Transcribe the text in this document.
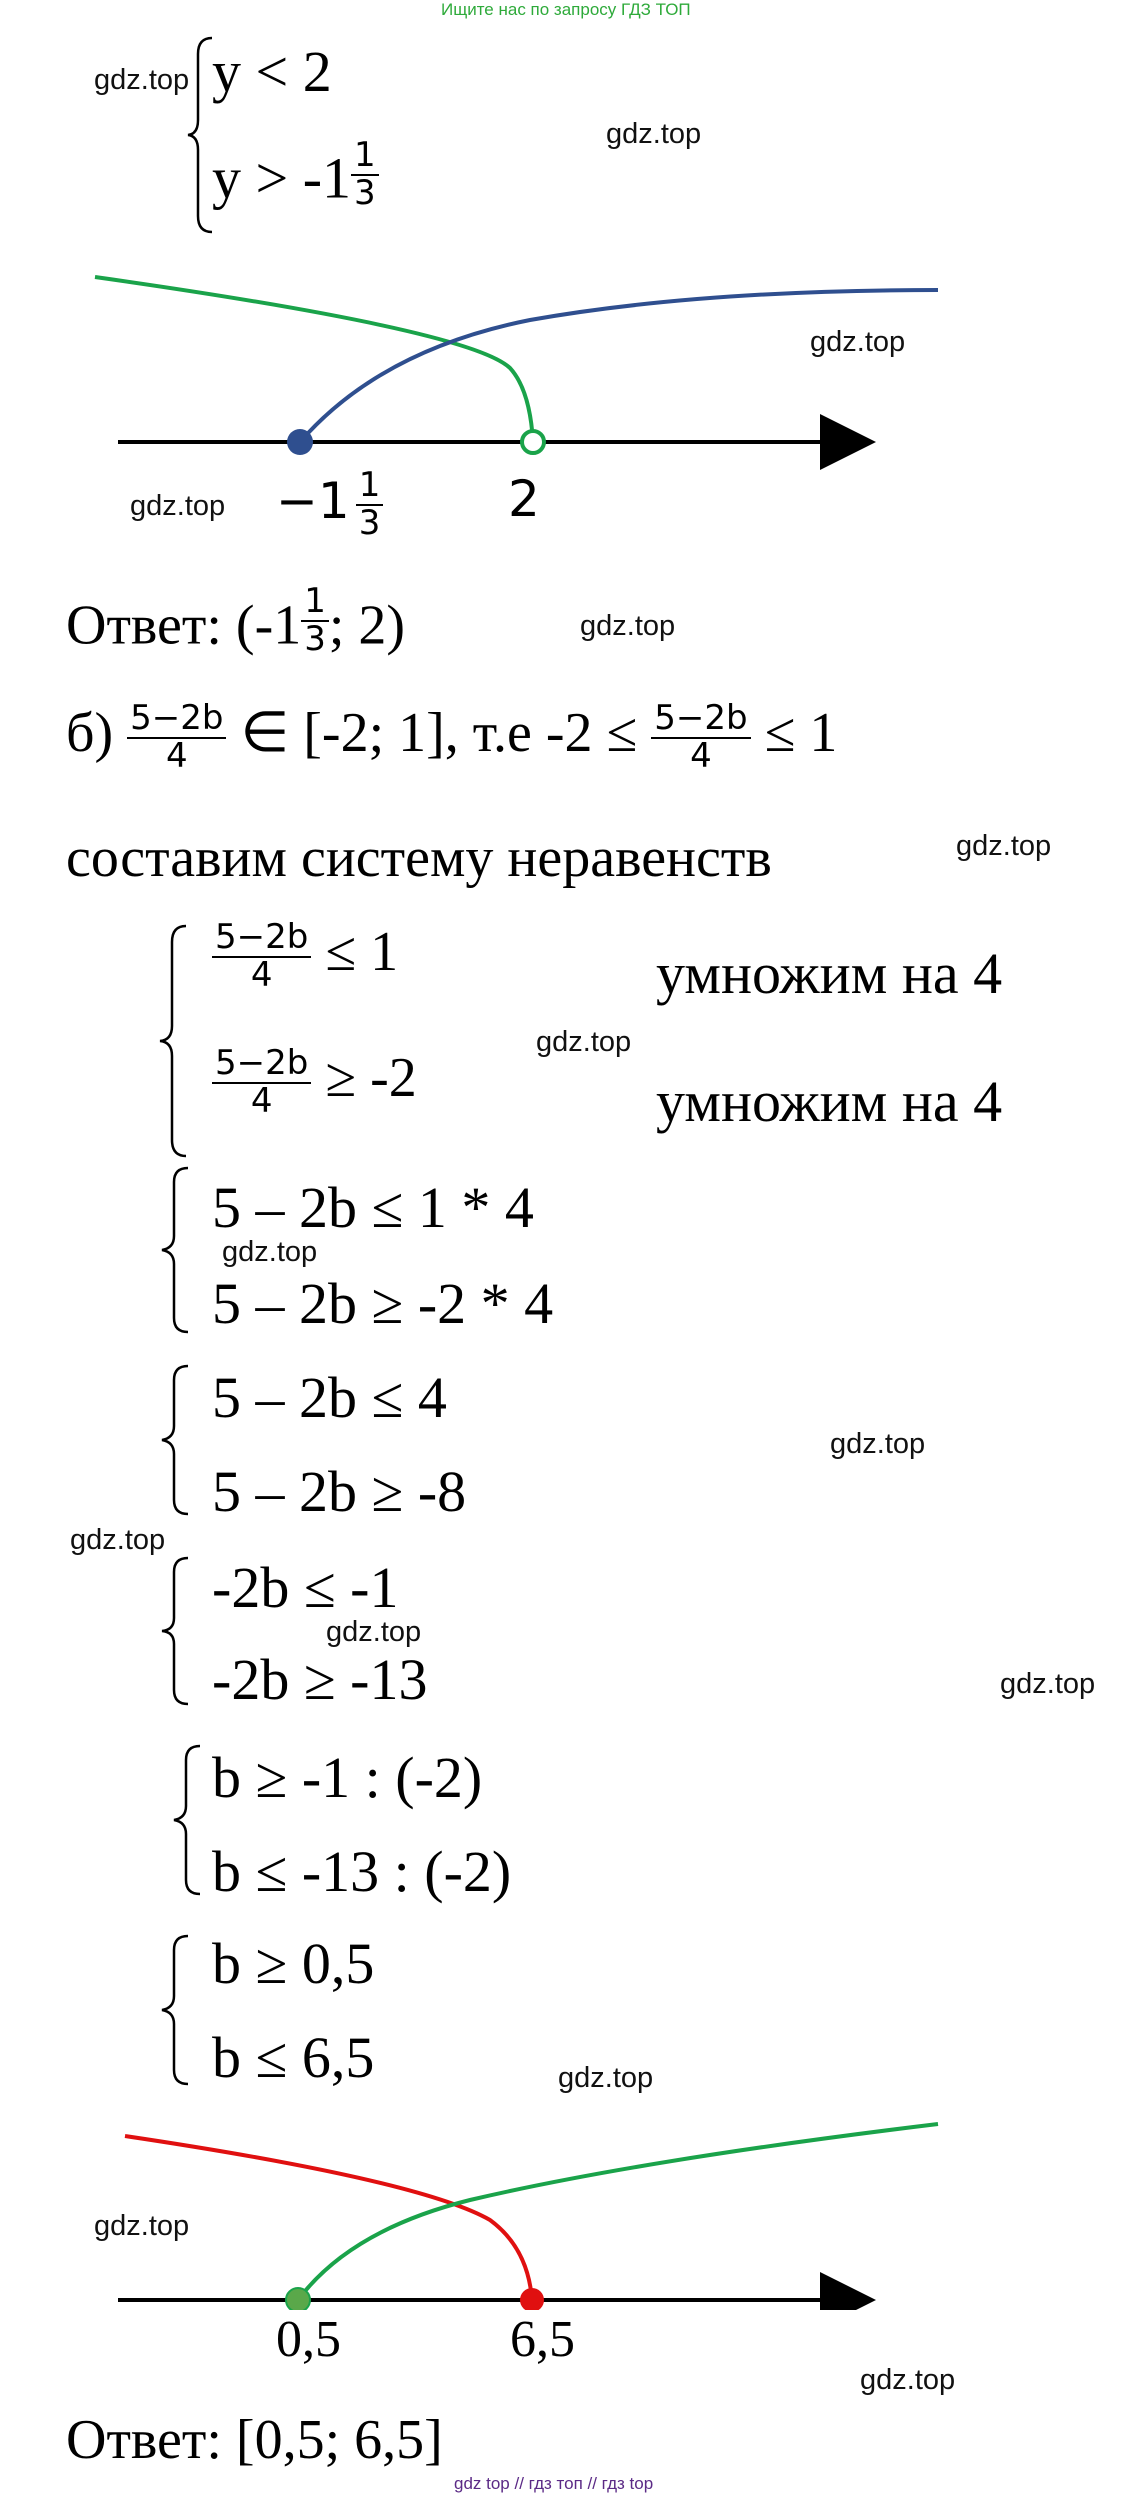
Ищите нас по запросу ГДЗ ТОП
y < 2
$y > -1 \frac{1}{3}$
$-1 \frac{1}{3} 2$
Ответ: ($-1 \frac{1}{3}$ ; 2)
$б) \frac{5-2b}{4}$ ∈ [-2; 1], т.е $-2 \le \frac{5-2b}{4} \le 1$
составим систему неравенств
$\frac{5-2b}{4} \le 1$
$\frac{5-2b}{4} \ge -2$
умножим на 4
умножим на 4
5 – 2b ≤ 1 * 4
5 – 2b ≥ -2 * 4
5 – 2b ≤ 4
5 – 2b ≥ -8
-2b ≤ -1
-2b ≥ -13
b ≥ -1 : (-2)
b ≤ -13 : (-2)
b ≥ 0,5
b ≤ 6,5
0,5	6,5
Ответ: [0,5; 6,5]
gdz.top
gdz.top
gdz.top
gdz.top
gdz.top
gdz.top
gdz.top
gdz.top
gdz.top
gdz.top
gdz.top
gdz.top
gdz.top
gdz.top
gdz.top
gdz top // гдз топ // гдз top
